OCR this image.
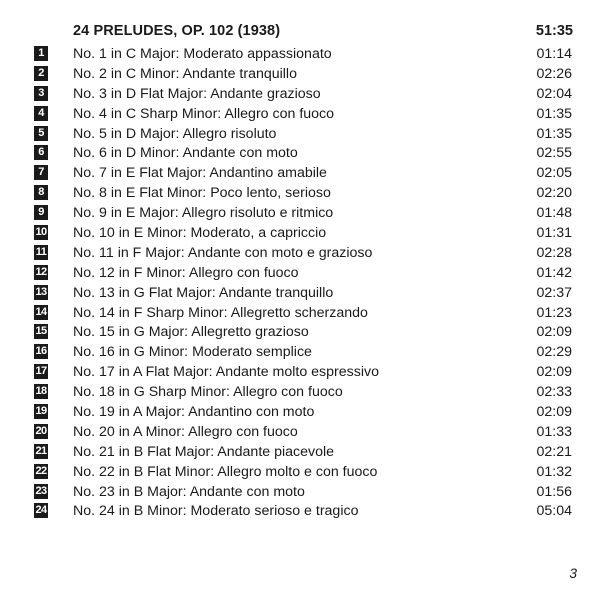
24 PRELUDES, OP. 102 (1938)	51:35
1 No. 1 in C Major: Moderato appassionato	01:14
2 No. 2 in C Minor: Andante tranquillo	02:26
3 No. 3 in D Flat Major: Andante grazioso	02:04
4 No. 4 in C Sharp Minor: Allegro con fuoco	01:35
5 No. 5 in D Major: Allegro risoluto	01:35
6 No. 6 in D Minor: Andante con moto	02:55
7 No. 7 in E Flat Major: Andantino amabile	02:05
8 No. 8 in E Flat Minor: Poco lento, serioso	02:20
9 No. 9 in E Major: Allegro risoluto e ritmico	01:48
10 No. 10 in E Minor: Moderato, a capriccio	01:31
11 No. 11 in F Major: Andante con moto e grazioso	02:28
12 No. 12 in F Minor: Allegro con fuoco	01:42
13 No. 13 in G Flat Major: Andante tranquillo	02:37
14 No. 14 in F Sharp Minor: Allegretto scherzando	01:23
15 No. 15 in G Major: Allegretto grazioso	02:09
16 No. 16 in G Minor: Moderato semplice	02:29
17 No. 17 in A Flat Major: Andante molto espressivo	02:09
18 No. 18 in G Sharp Minor: Allegro con fuoco	02:33
19 No. 19 in A Major: Andantino con moto	02:09
20 No. 20 in A Minor: Allegro con fuoco	01:33
21 No. 21 in B Flat Major: Andante piacevole	02:21
22 No. 22 in B Flat Minor: Allegro molto e con fuoco	01:32
23 No. 23 in B Major: Andante con moto	01:56
24 No. 24 in B Minor: Moderato serioso e tragico	05:04
3
